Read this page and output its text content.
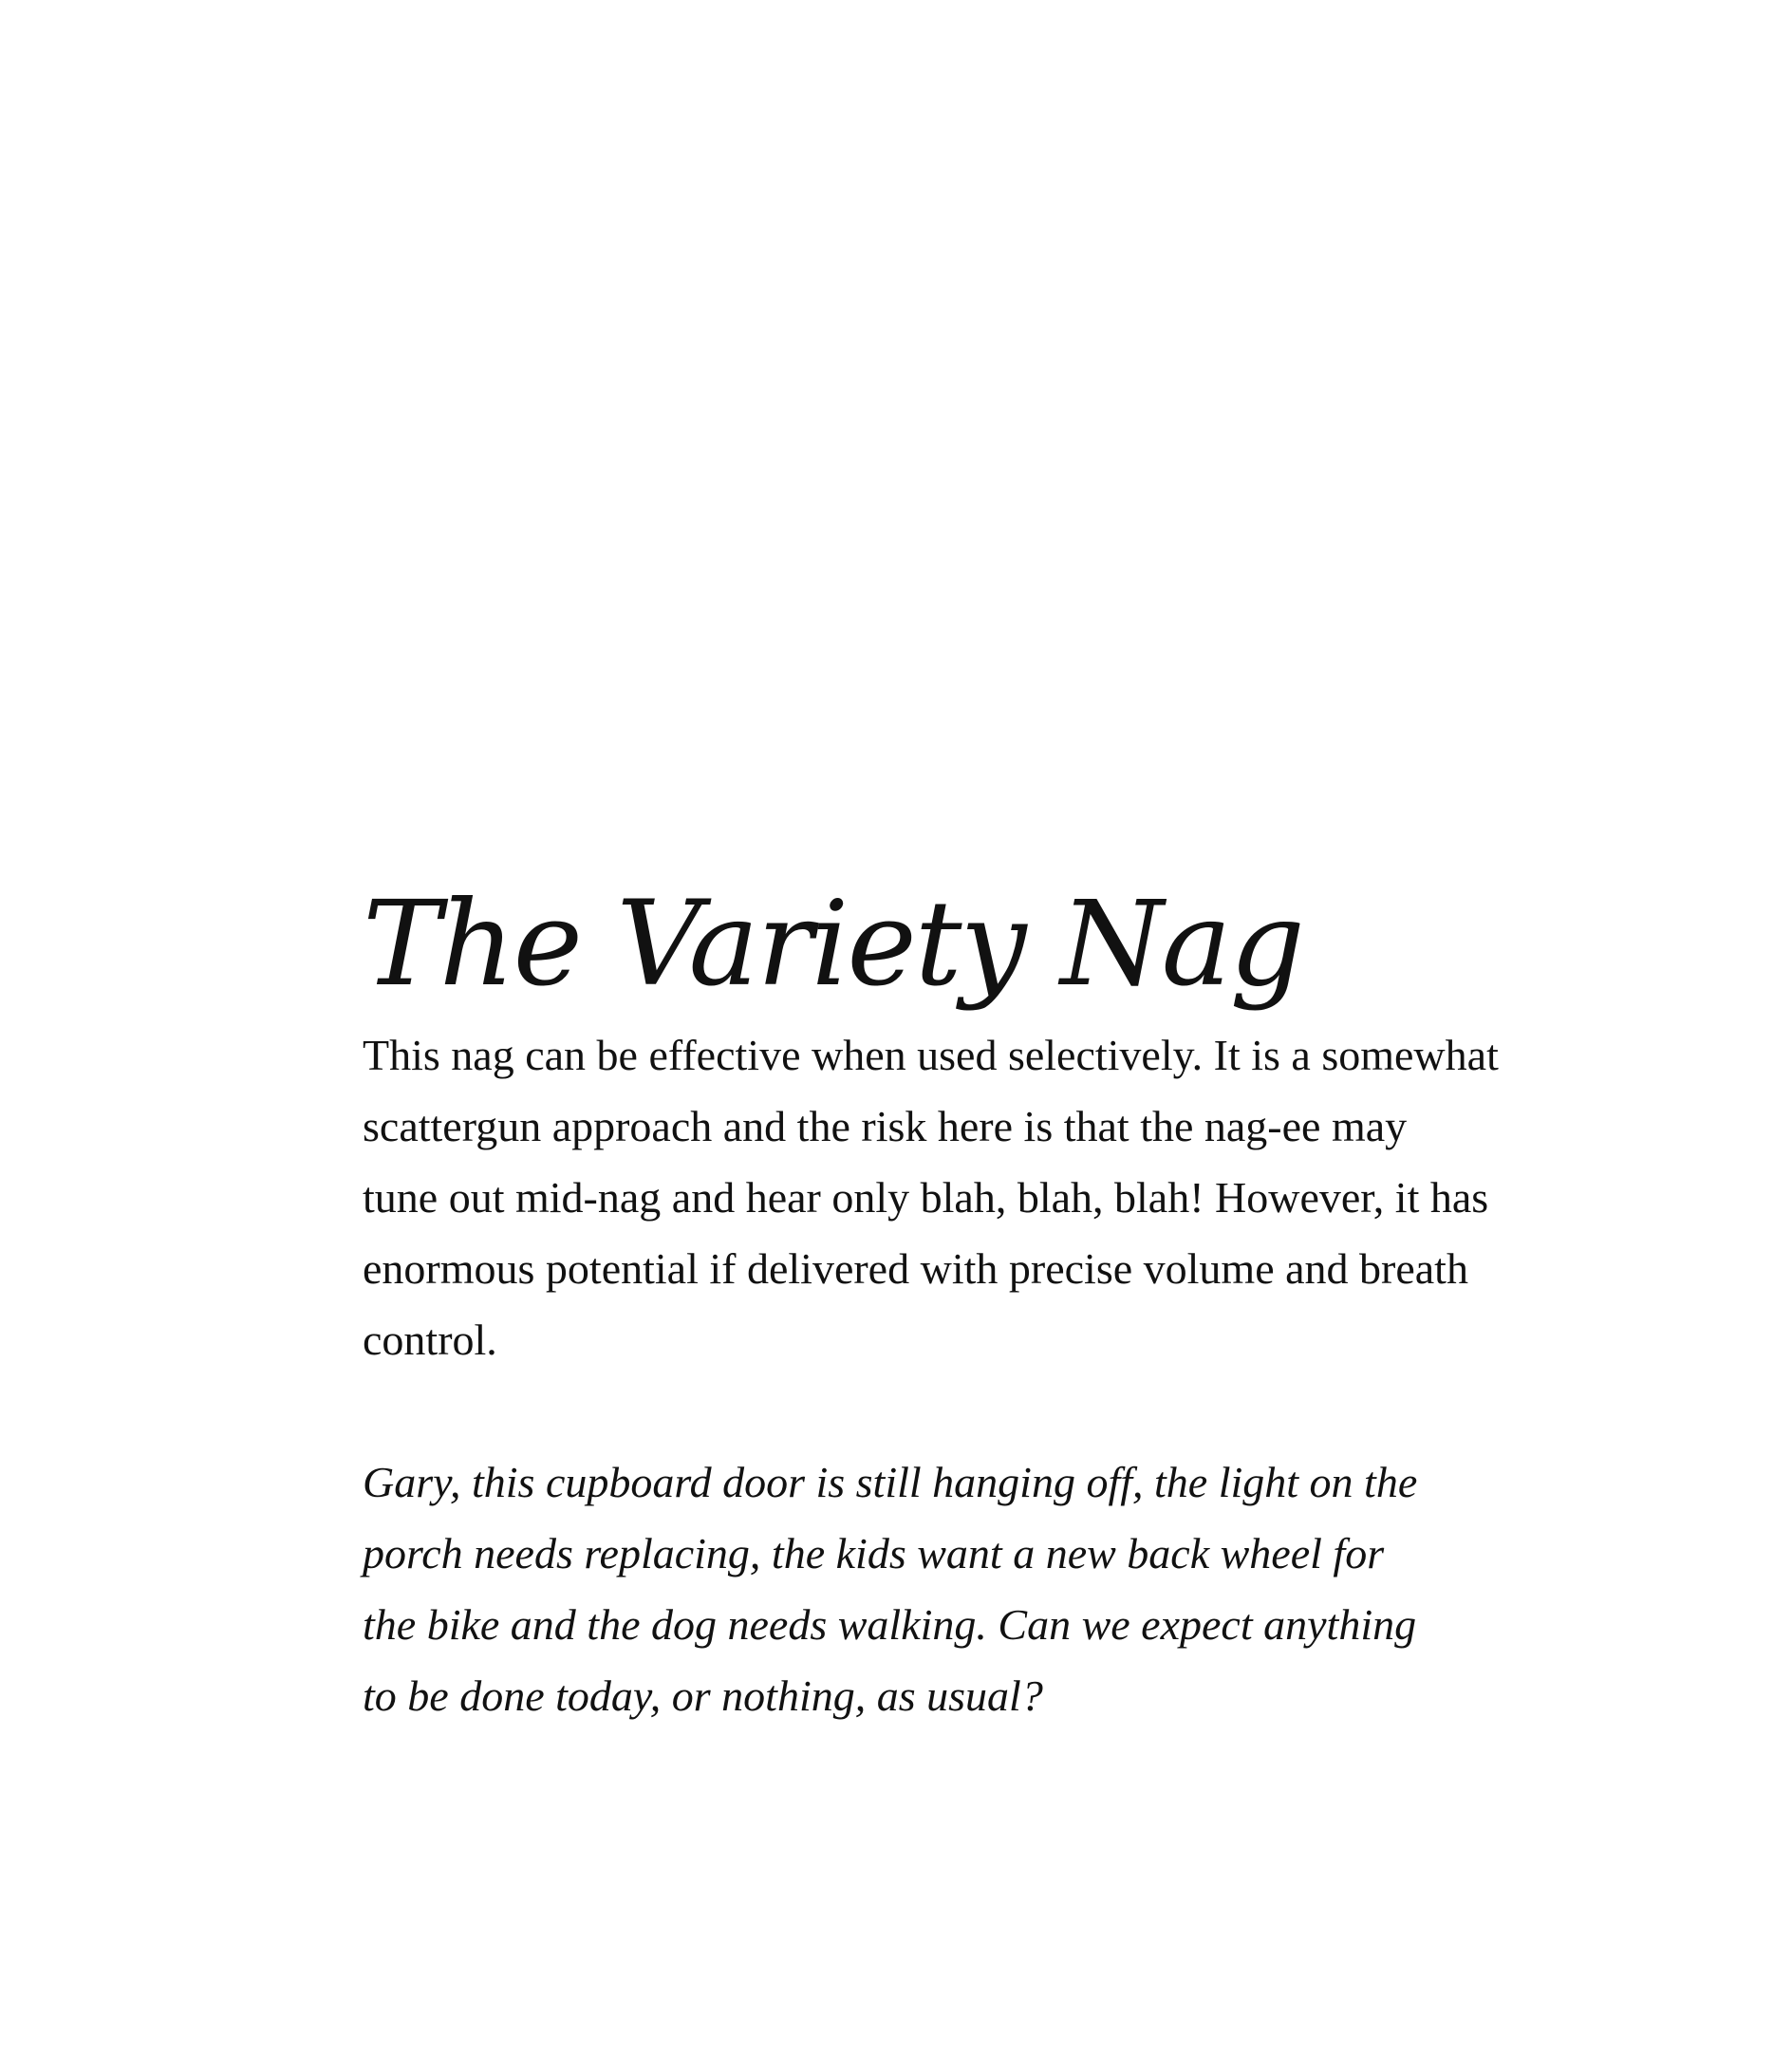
The Variety Nag

This nag can be effective when used selectively. It is a somewhat
scattergun approach and the risk here is that the nag-ee may
tune out mid-nag and hear only blah, blah, blah! However, it has
enormous potential if delivered with precise volume and breath
control.

Gary, this cupboard door is still hanging off, the light on the
porch needs replacing, the kids want a new back wheel for
the bike and the dog needs walking. Can we expect anything
to be done today, or nothing, as usual?
